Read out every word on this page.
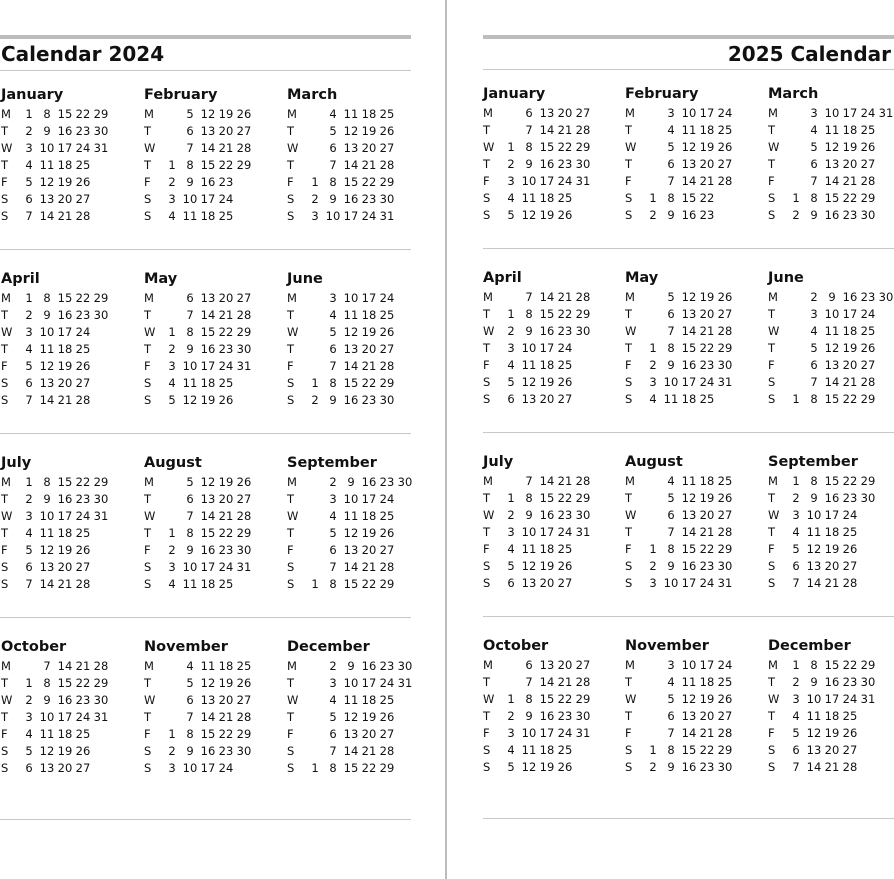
Calendar 2024
January
M	1 8 15 22 29
T	2 9 16 23 30
W	3 10 17 24 31
T	4 11 18 25
F	5 12 19 26
S	6 13 20 27
S	7 14 21 28
February
M	5 12 19 26
T	6 13 20 27
W	7 14 21 28
T	1 8 15 22 29
F	2 9 16 23
S	3 10 17 24
S	4 11 18 25
March
M	4 11 18 25
T	5 12 19 26
W	6 13 20 27
T	7 14 21 28
F	1 8 15 22 29
S	2 9 16 23 30
S	3 10 17 24 31
April
M	1 8 15 22 29
T	2 9 16 23 30
W	3 10 17 24
T	4 11 18 25
F	5 12 19 26
S	6 13 20 27
S	7 14 21 28
May
M	6 13 20 27
T	7 14 21 28
W	1 8 15 22 29
T	2 9 16 23 30
F	3 10 17 24 31
S	4 11 18 25
S	5 12 19 26
June
M	3 10 17 24
T	4 11 18 25
W	5 12 19 26
T	6 13 20 27
F	7 14 21 28
S	1 8 15 22 29
S	2 9 16 23 30
July
M	1 8 15 22 29
T	2 9 16 23 30
W	3 10 17 24 31
T	4 11 18 25
F	5 12 19 26
S	6 13 20 27
S	7 14 21 28
August
M	5 12 19 26
T	6 13 20 27
W	7 14 21 28
T	1 8 15 22 29
F	2 9 16 23 30
S	3 10 17 24 31
S	4 11 18 25
September
M	2 9 16 23 30
T	3 10 17 24
W	4 11 18 25
T	5 12 19 26
F	6 13 20 27
S	7 14 21 28
S	1 8 15 22 29
October
M	7 14 21 28
T	1 8 15 22 29
W	2 9 16 23 30
T	3 10 17 24 31
F	4 11 18 25
S	5 12 19 26
S	6 13 20 27
November
M	4 11 18 25
T	5 12 19 26
W	6 13 20 27
T	7 14 21 28
F	1 8 15 22 29
S	2 9 16 23 30
S	3 10 17 24
December
M	2 9 16 23 30
T	3 10 17 24 31
W	4 11 18 25
T	5 12 19 26
F	6 13 20 27
S	7 14 21 28
S	1 8 15 22 29
2025 Calendar
January
M	6 13 20 27
T	7 14 21 28
W	1 8 15 22 29
T	2 9 16 23 30
F	3 10 17 24 31
S	4 11 18 25
S	5 12 19 26
February
M	3 10 17 24
T	4 11 18 25
W	5 12 19 26
T	6 13 20 27
F	7 14 21 28
S	1 8 15 22
S	2 9 16 23
March
M	3 10 17 24 31
T	4 11 18 25
W	5 12 19 26
T	6 13 20 27
F	7 14 21 28
S	1 8 15 22 29
S	2 9 16 23 30
April
M	7 14 21 28
T	1 8 15 22 29
W	2 9 16 23 30
T	3 10 17 24
F	4 11 18 25
S	5 12 19 26
S	6 13 20 27
May
M	5 12 19 26
T	6 13 20 27
W	7 14 21 28
T	1 8 15 22 29
F	2 9 16 23 30
S	3 10 17 24 31
S	4 11 18 25
June
M	2 9 16 23 30
T	3 10 17 24
W	4 11 18 25
T	5 12 19 26
F	6 13 20 27
S	7 14 21 28
S	1 8 15 22 29
July
M	7 14 21 28
T	1 8 15 22 29
W	2 9 16 23 30
T	3 10 17 24 31
F	4 11 18 25
S	5 12 19 26
S	6 13 20 27
August
M	4 11 18 25
T	5 12 19 26
W	6 13 20 27
T	7 14 21 28
F	1 8 15 22 29
S	2 9 16 23 30
S	3 10 17 24 31
September
M	1 8 15 22 29
T	2 9 16 23 30
W	3 10 17 24
T	4 11 18 25
F	5 12 19 26
S	6 13 20 27
S	7 14 21 28
October
M	6 13 20 27
T	7 14 21 28
W	1 8 15 22 29
T	2 9 16 23 30
F	3 10 17 24 31
S	4 11 18 25
S	5 12 19 26
November
M	3 10 17 24
T	4 11 18 25
W	5 12 19 26
T	6 13 20 27
F	7 14 21 28
S	1 8 15 22 29
S	2 9 16 23 30
December
M	1 8 15 22 29
T	2 9 16 23 30
W	3 10 17 24 31
T	4 11 18 25
F	5 12 19 26
S	6 13 20 27
S	7 14 21 28
